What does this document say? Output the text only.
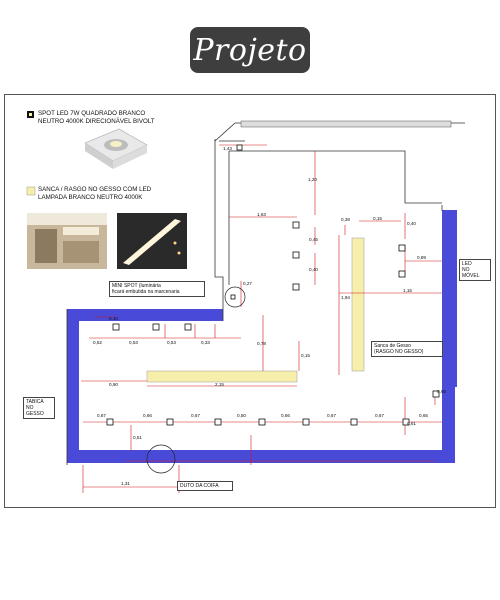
Projeto
SPOT LED 7W QUADRADO BRANCO
NEUTRO 4000K DIRECIONÁVEL BIVOLT
SANCA / RASGO NO GESSO COM LED
LAMPADA BRANCO NEUTRO 4000K
MINI SPOT (luminária
ficará embutida na marcenaria
Sanca de Gesso
(RASGO NO GESSO)
LED
NO
MÓVEL
TABICA
NO
GESSO
DUTO DA COIFA
1,43
1,20
1,63
0,38	0,15
0,40
0,45
0,40
0,89
1,15
1,94
0,27
0,10
0,52	0,53	0,53	0,33	0,78
0,15
0,90	2,15
0,65
0,67	0,66	0,67	0,50	0,66	0,67	0,67	0,65
0,51
0,61
1,31
